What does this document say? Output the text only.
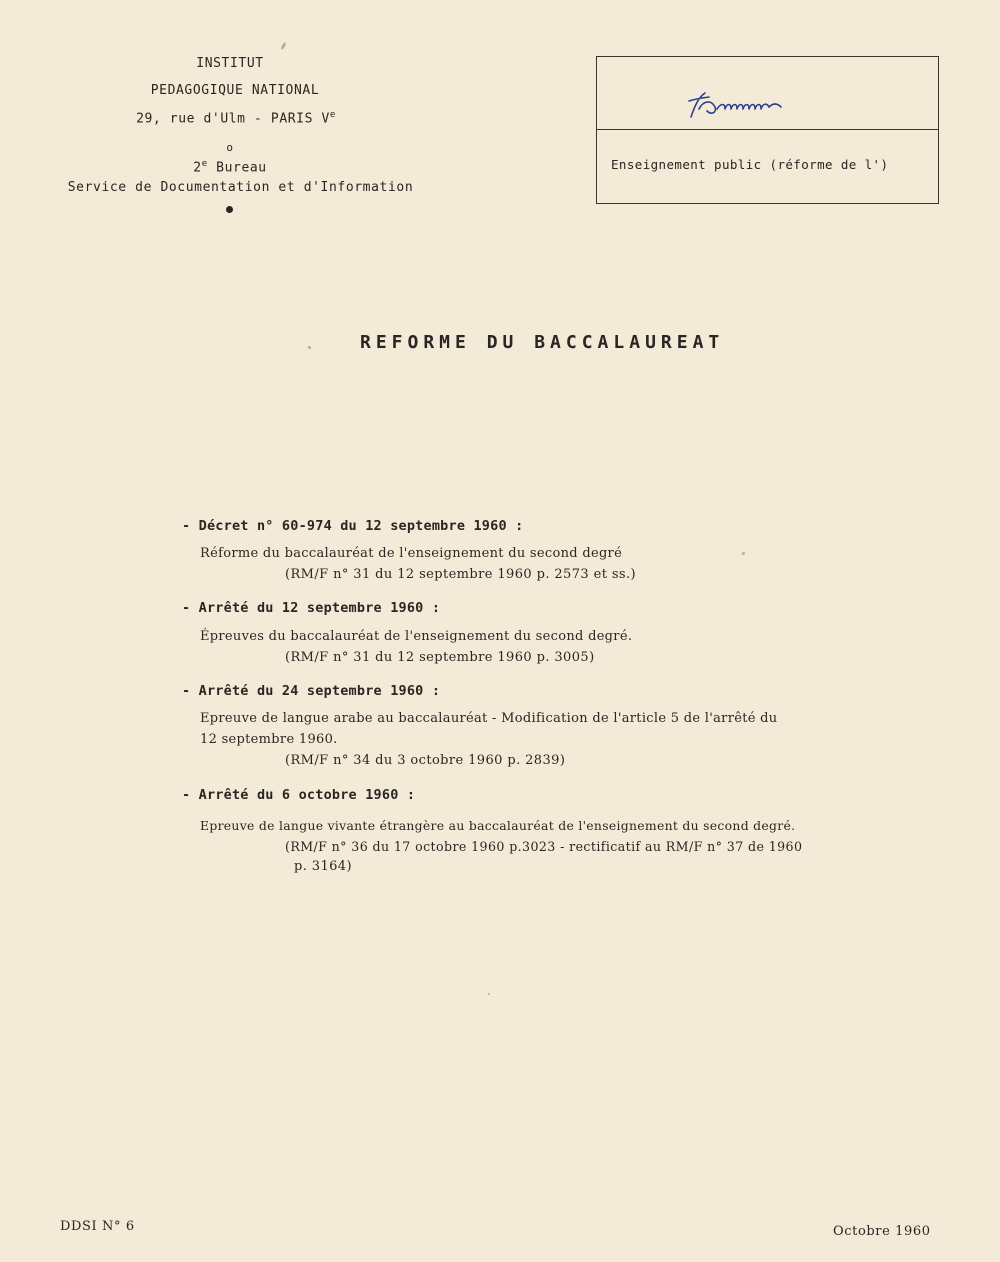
INSTITUT
PEDAGOGIQUE NATIONAL
29, rue d'Ulm - PARIS Ve
o
2e Bureau
Service de Documentation et d'Information
Enseignement public (réforme de l')
REFORME DU BACCALAUREAT
- Décret n° 60-974 du 12 septembre 1960 :
Réforme du baccalauréat de l'enseignement du second degré
(RM/F n° 31 du 12 septembre 1960 p. 2573 et ss.)
- Arrêté du 12 septembre 1960 :
Épreuves du baccalauréat de l'enseignement du second degré.
(RM/F n° 31 du 12 septembre 1960 p. 3005)
- Arrêté du 24 septembre 1960 :
Epreuve de langue arabe au baccalauréat - Modification de l'article 5 de l'arrêté du
12 septembre 1960.
(RM/F n° 34 du 3 octobre 1960 p. 2839)
- Arrêté du 6 octobre 1960 :
Epreuve de langue vivante étrangère au baccalauréat de l'enseignement du second degré.
(RM/F n° 36 du 17 octobre 1960 p.3023 - rectificatif au RM/F n° 37 de 1960
p. 3164)
DDSI N° 6	Octobre 1960
